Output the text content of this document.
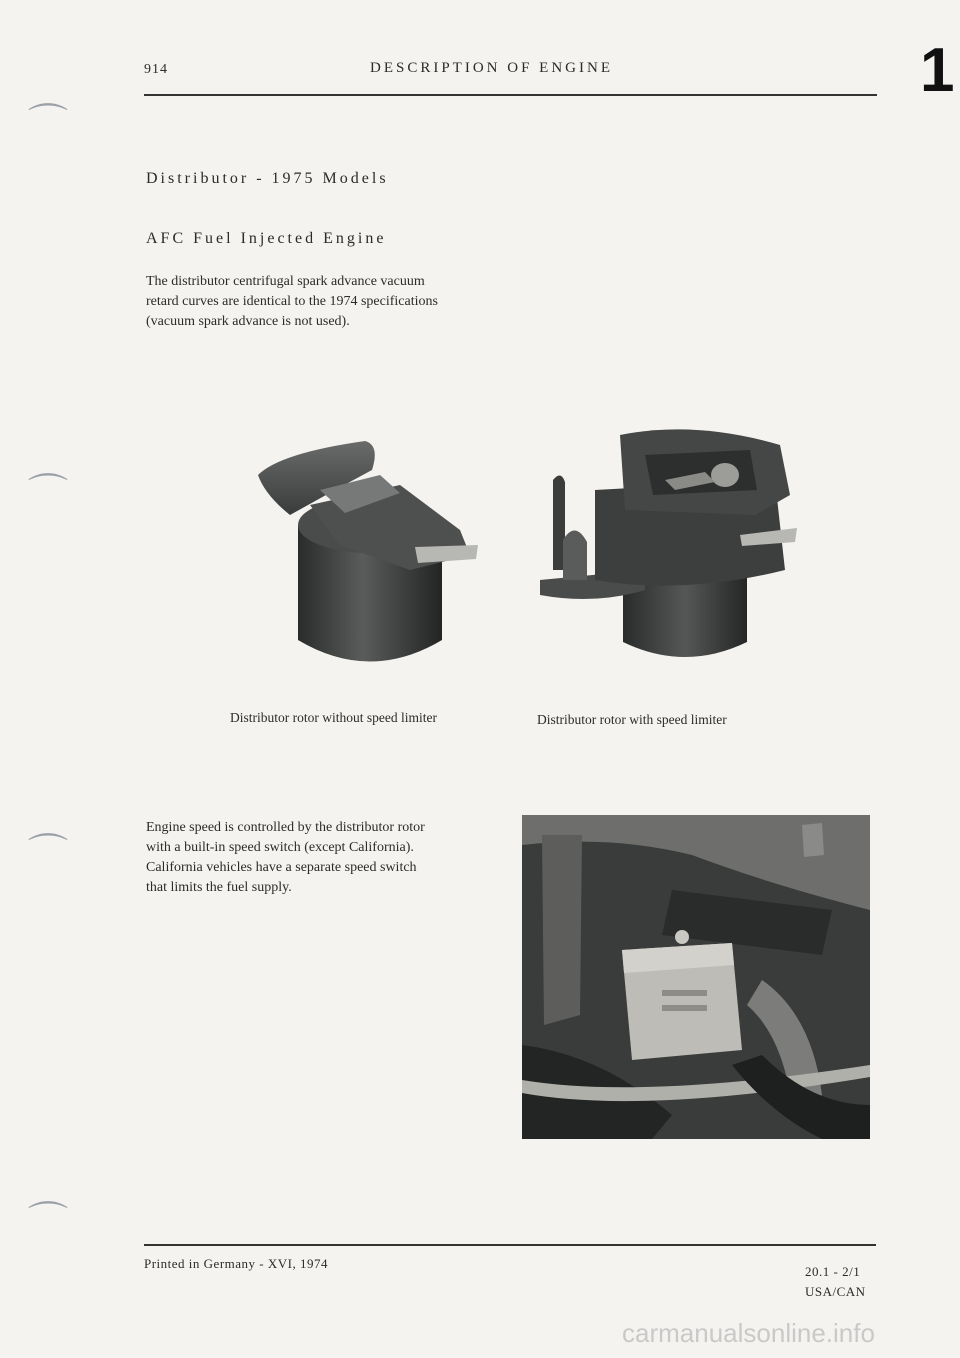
914	DESCRIPTION OF ENGINE	1
⌒
⌒
⌒
⌒
Distributor - 1975 Models
AFC Fuel Injected Engine
The distributor centrifugal spark advance vacuum
retard curves are identical to the 1974 specifications
(vacuum spark advance is not used).
Distributor rotor without speed limiter	Distributor rotor with speed limiter
Engine speed is controlled by the distributor rotor
with a built-in speed switch (except California).
California vehicles have a separate speed switch
that limits the fuel supply.
Printed in Germany - XVI, 1974
20.1 - 2/1
USA/CAN
carmanualsonline.info
